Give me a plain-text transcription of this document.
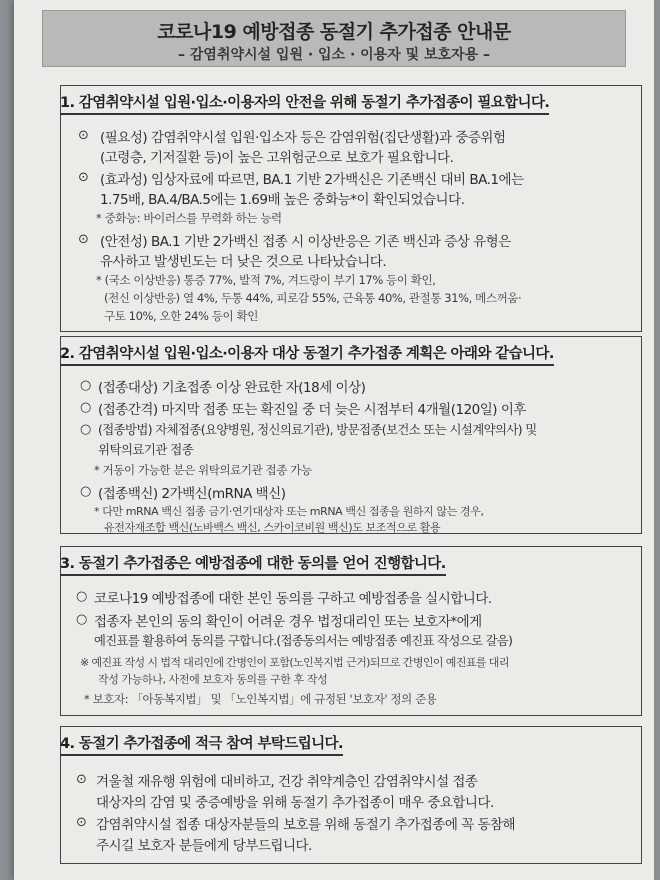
코로나19 예방접종 동절기 추가접종 안내문
– 감염취약시설 입원 · 입소 · 이용자 및 보호자용 –
1. 감염취약시설 입원·입소·이용자의 안전을 위해 동절기 추가접종이 필요합니다.
⊙ (필요성) 감염취약시설 입원·입소자 등은 감염위험(집단생활)과 중증위험
(고령층, 기저질환 등)이 높은 고위험군으로 보호가 필요합니다.
⊙ (효과성) 임상자료에 따르면, BA.1 기반 2가백신은 기존백신 대비 BA.1에는
1.75배, BA.4/BA.5에는 1.69배 높은 중화능*이 확인되었습니다.
* 중화능: 바이러스를 무력화 하는 능력
⊙ (안전성) BA.1 기반 2가백신 접종 시 이상반응은 기존 백신과 증상 유형은
유사하고 발생빈도는 더 낮은 것으로 나타났습니다.
* (국소 이상반응) 통증 77%, 발적 7%, 겨드랑이 부기 17% 등이 확인,
(전신 이상반응) 열 4%, 두통 44%, 피로감 55%, 근육통 40%, 관절통 31%, 메스꺼움·
구토 10%, 오한 24% 등이 확인
2. 감염취약시설 입원·입소·이용자 대상 동절기 추가접종 계획은 아래와 같습니다.
○ (접종대상) 기초접종 이상 완료한 자(18세 이상)
○ (접종간격) 마지막 접종 또는 확진일 중 더 늦은 시점부터 4개월(120일) 이후
○ (접종방법) 자체접종(요양병원, 정신의료기관), 방문접종(보건소 또는 시설계약의사) 및
위탁의료기관 접종
* 거동이 가능한 분은 위탁의료기관 접종 가능
○ (접종백신) 2가백신(mRNA 백신)
* 다만 mRNA 백신 접종 금기·연기대상자 또는 mRNA 백신 접종을 원하지 않는 경우,
유전자재조합 백신(노바백스 백신, 스카이코비원 백신)도 보조적으로 활용
3. 동절기 추가접종은 예방접종에 대한 동의를 얻어 진행합니다.
○ 코로나19 예방접종에 대한 본인 동의를 구하고 예방접종을 실시합니다.
○ 접종자 본인의 동의 확인이 어려운 경우 법정대리인 또는 보호자*에게
예진표를 활용하여 동의를 구합니다.(접종동의서는 예방접종 예진표 작성으로 갈음)
※ 예진표 작성 시 법적 대리인에 간병인이 포함(노인복지법 근거)되므로 간병인이 예진표를 대리
작성 가능하나, 사전에 보호자 동의를 구한 후 작성
* 보호자: 「아동복지법」 및 「노인복지법」에 규정된 '보호자' 정의 준용
4. 동절기 추가접종에 적극 참여 부탁드립니다.
⊙ 겨울철 재유행 위험에 대비하고, 건강 취약계층인 감염취약시설 접종
대상자의 감염 및 중증예방을 위해 동절기 추가접종이 매우 중요합니다.
⊙ 감염취약시설 접종 대상자분들의 보호를 위해 동절기 추가접종에 꼭 동참해
주시길 보호자 분들에게 당부드립니다.
